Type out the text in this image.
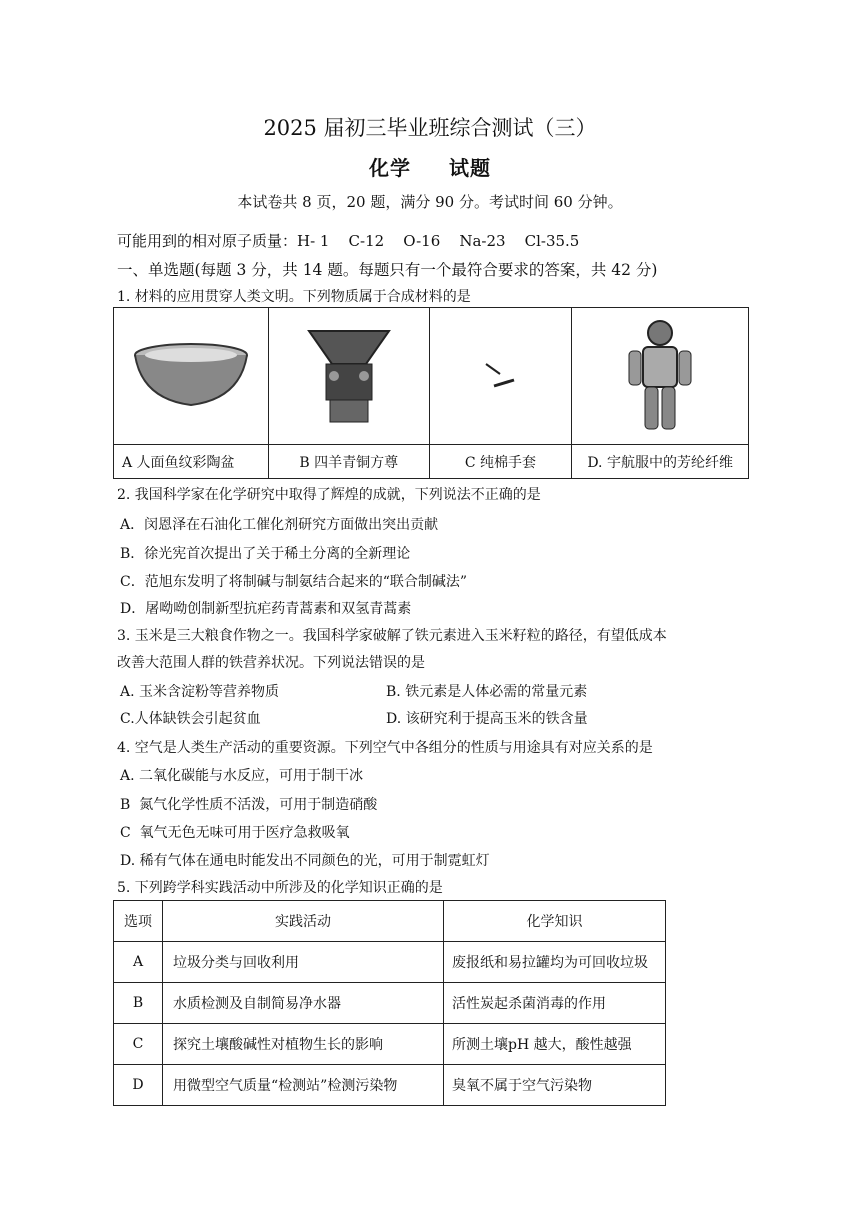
2025 届初三毕业班综合测试（三）
化学 试题
本试卷共 8 页，20 题，满分 90 分。考试时间 60 分钟。
可能用到的相对原子质量：H- 1    C-12    O-16    Na-23    Cl-35.5
一、单选题(每题 3 分，共 14 题。每题只有一个最符合要求的答案，共 42 分)
1. 材料的应用贯穿人类文明。下列物质属于合成材料的是

A 人面鱼纹彩陶盆	B 四羊青铜方尊	C 纯棉手套	D. 宇航服中的芳纶纤维
2. 我国科学家在化学研究中取得了辉煌的成就，下列说法不正确的是
A．闵恩泽在石油化工催化剂研究方面做出突出贡献
B．徐光宪首次提出了关于稀土分离的全新理论
C．范旭东发明了将制碱与制氨结合起来的“联合制碱法”
D．屠呦呦创制新型抗疟药青蒿素和双氢青蒿素
3. 玉米是三大粮食作物之一。我国科学家破解了铁元素进入玉米籽粒的路径，有望低成本
改善大范围人群的铁营养状况。下列说法错误的是
A. 玉米含淀粉等营养物质	B. 铁元素是人体必需的常量元素
C.人体缺铁会引起贫血	D. 该研究利于提高玉米的铁含量
4. 空气是人类生产活动的重要资源。下列空气中各组分的性质与用途具有对应关系的是
A. 二氧化碳能与水反应，可用于制干冰
B  氮气化学性质不活泼，可用于制造硝酸
C  氧气无色无味可用于医疗急救吸氧
D. 稀有气体在通电时能发出不同颜色的光，可用于制霓虹灯
5. 下列跨学科实践活动中所涉及的化学知识正确的是
选项	实践活动	化学知识
A	垃圾分类与回收利用	废报纸和易拉罐均为可回收垃圾
B	水质检测及自制简易净水器	活性炭起杀菌消毒的作用
C	探究土壤酸碱性对植物生长的影响	所测土壤pH 越大，酸性越强
D	用微型空气质量“检测站”检测污染物	臭氧不属于空气污染物
